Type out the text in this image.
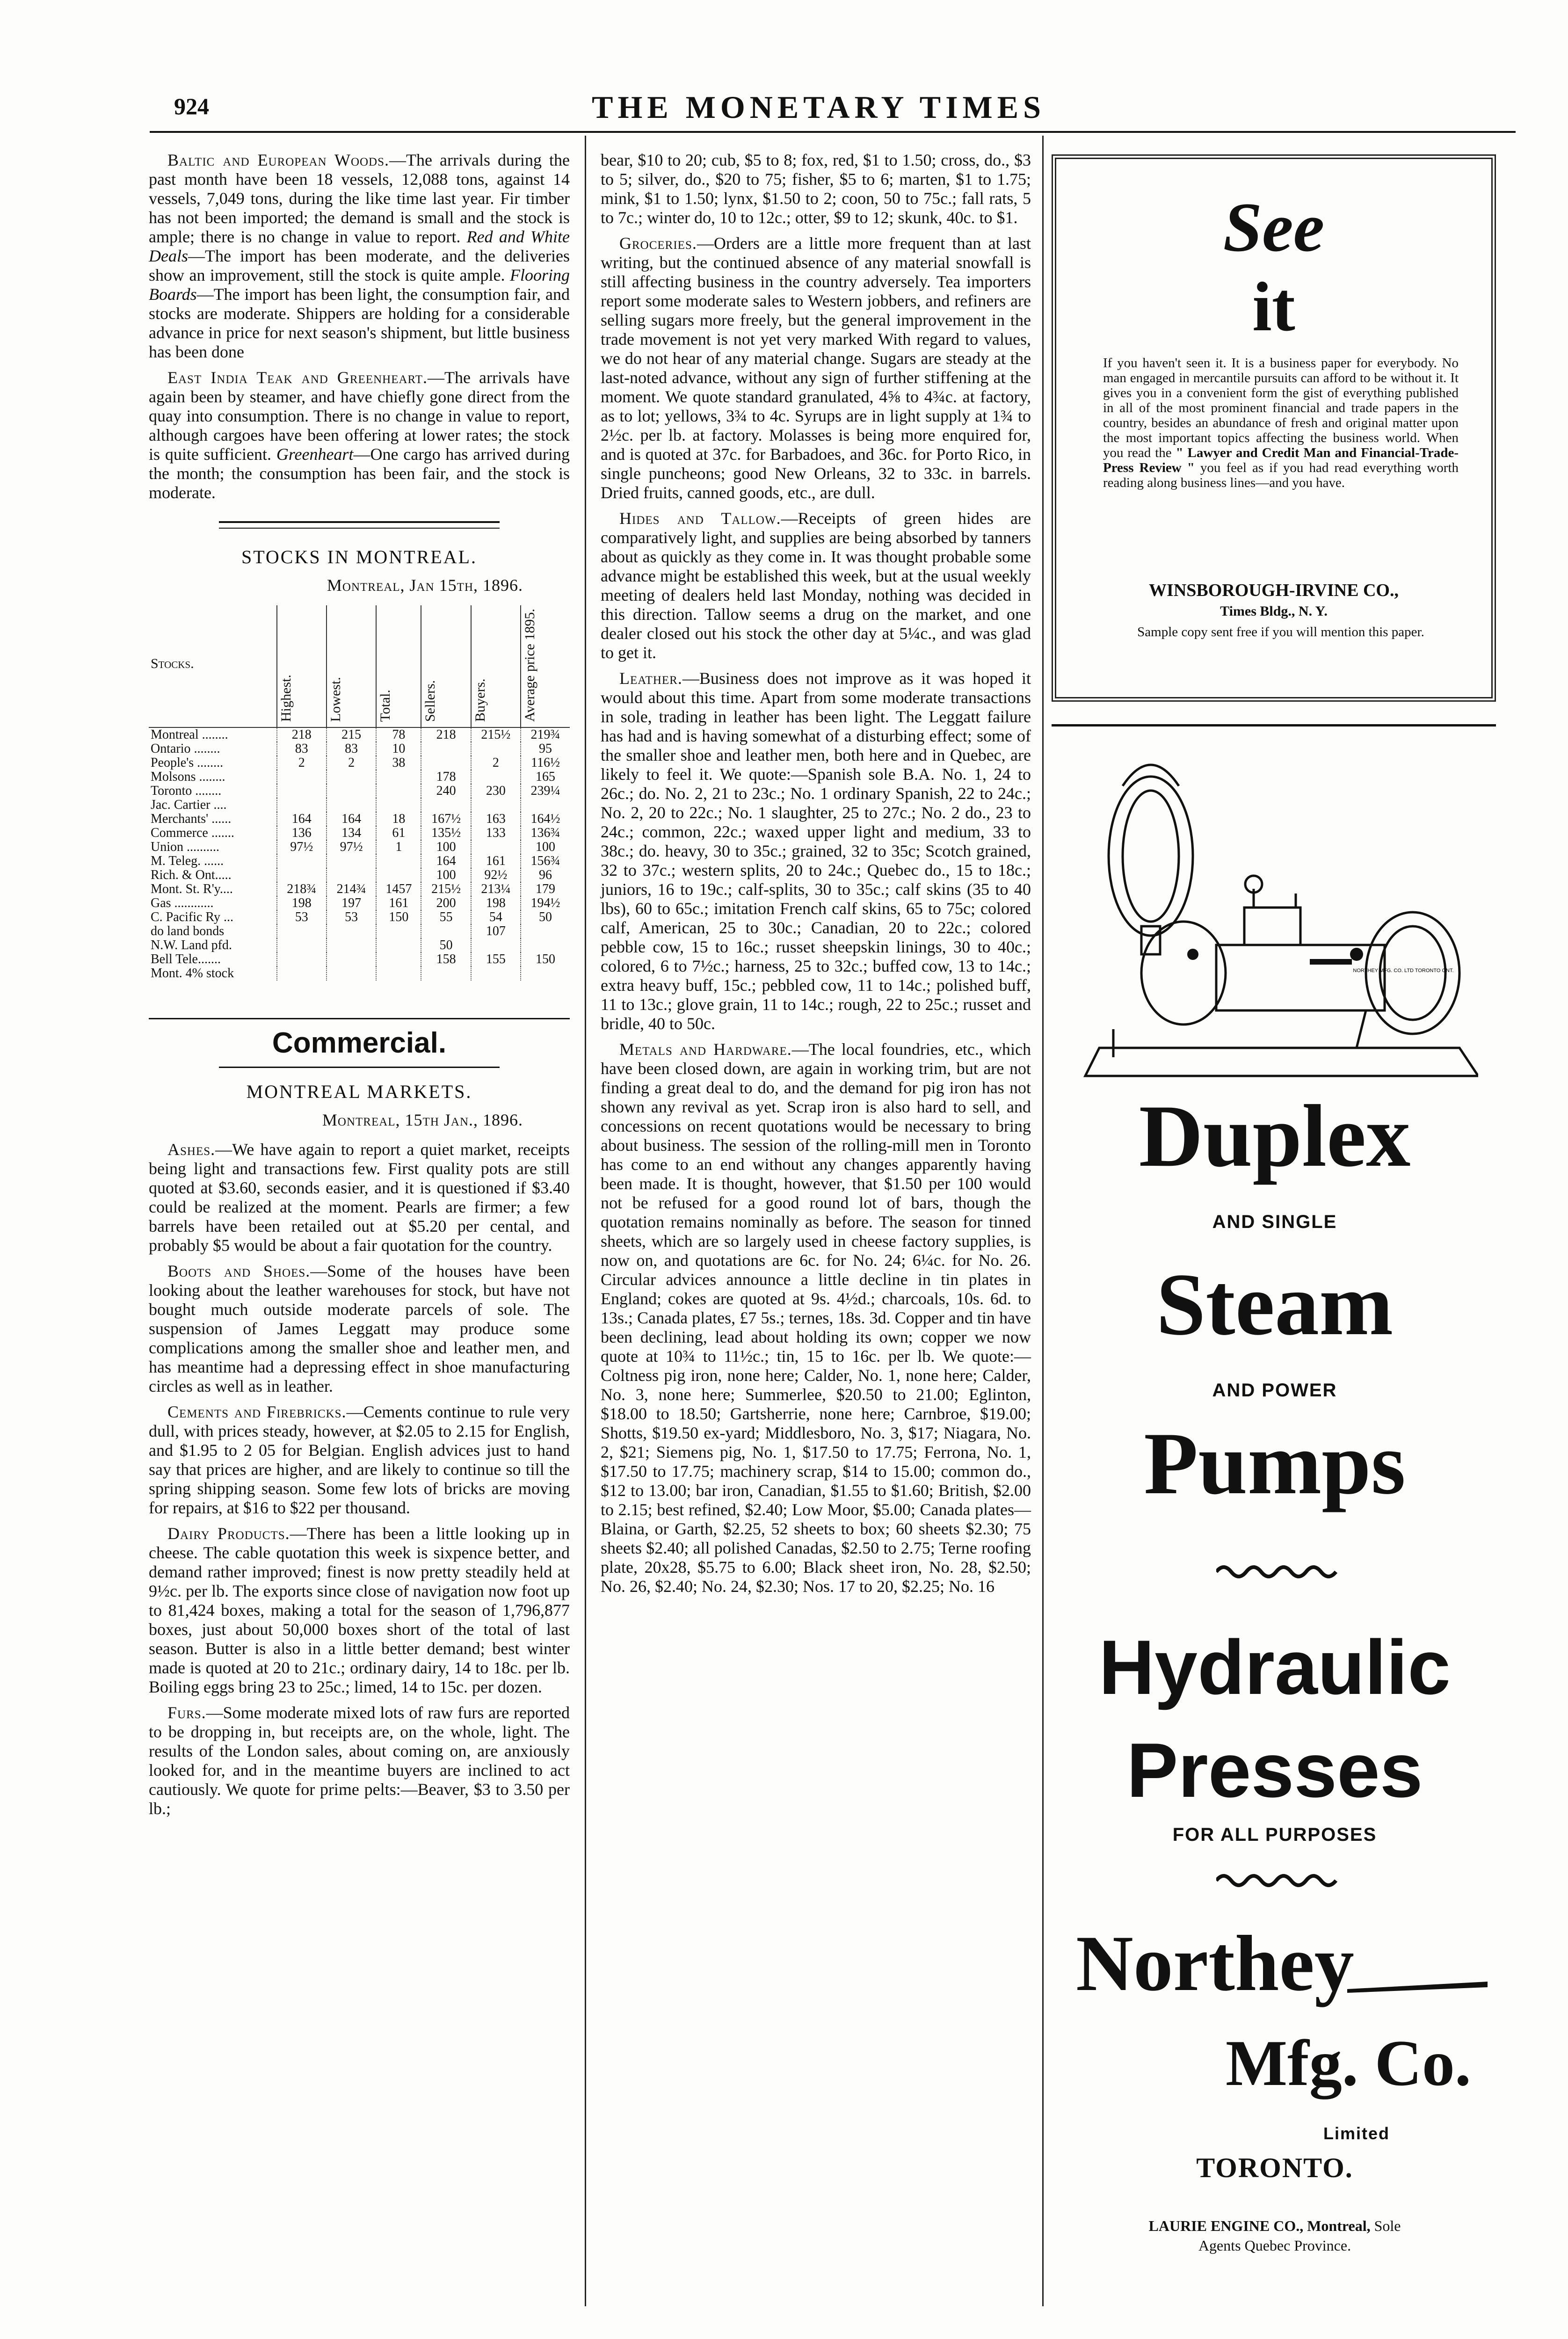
924	THE MONETARY TIMES

Baltic and European Woods.—The arrivals during the past month have been 18 vessels, 12,088 tons, against 14 vessels, 7,049 tons, during the like time last year. Fir timber has not been imported; the demand is small and the stock is ample; there is no change in value to report. Red and White Deals—The import has been moderate, and the deliveries show an improvement, still the stock is quite ample. Flooring Boards—The import has been light, the consumption fair, and stocks are moderate. Shippers are holding for a considerable advance in price for next season's shipment, but little business has been done

East India Teak and Greenheart.—The arrivals have again been by steamer, and have chiefly gone direct from the quay into consumption. There is no change in value to report, although cargoes have been offering at lower rates; the stock is quite sufficient. Greenheart—One cargo has arrived during the month; the consumption has been fair, and the stock is moderate.

STOCKS IN MONTREAL.
Montreal, Jan 15th, 1896.
Stocks.	Highest.	Lowest.	Total.	Sellers.	Buyers.	Average price 1895.
Montreal ........	218	215	78	218	215½	219¾
Ontario ........	83	83	10			95
People's ........	2	2	38		2	116½
Molsons ........				178		165
Toronto ........				240	230	239¼
Jac. Cartier ....						
Merchants' ......	164	164	18	167½	163	164½
Commerce .......	136	134	61	135½	133	136¾
Union ..........	97½	97½	1	100		100
M. Teleg. ......				164	161	156¾
Rich. & Ont.....				100	92½	96
Mont. St. R'y....	218¾	214¾	1457	215½	213¼	179
Gas ............	198	197	161	200	198	194½
C. Pacific Ry ...	53	53	150	55	54	50
do land bonds					107	
N.W. Land pfd.				50		
Bell Tele.......				158	155	150
Mont. 4% stock						
Commercial.
MONTREAL MARKETS.
Montreal, 15th Jan., 1896.

Ashes.—We have again to report a quiet market, receipts being light and transactions few. First quality pots are still quoted at $3.60, seconds easier, and it is questioned if $3.40 could be realized at the moment. Pearls are firmer; a few barrels have been retailed out at $5.20 per cental, and probably $5 would be about a fair quotation for the country.

Boots and Shoes.—Some of the houses have been looking about the leather warehouses for stock, but have not bought much outside moderate parcels of sole. The suspension of James Leggatt may produce some complications among the smaller shoe and leather men, and has meantime had a depressing effect in shoe manufacturing circles as well as in leather.

Cements and Firebricks.—Cements continue to rule very dull, with prices steady, however, at $2.05 to 2.15 for English, and $1.95 to 2 05 for Belgian. English advices just to hand say that prices are higher, and are likely to continue so till the spring shipping season. Some few lots of bricks are moving for repairs, at $16 to $22 per thousand.

Dairy Products.—There has been a little looking up in cheese. The cable quotation this week is sixpence better, and demand rather improved; finest is now pretty steadily held at 9½c. per lb. The exports since close of navigation now foot up to 81,424 boxes, making a total for the season of 1,796,877 boxes, just about 50,000 boxes short of the total of last season. Butter is also in a little better demand; best winter made is quoted at 20 to 21c.; ordinary dairy, 14 to 18c. per lb. Boiling eggs bring 23 to 25c.; limed, 14 to 15c. per dozen.

Furs.—Some moderate mixed lots of raw furs are reported to be dropping in, but receipts are, on the whole, light. The results of the London sales, about coming on, are anxiously looked for, and in the meantime buyers are inclined to act cautiously. We quote for prime pelts:—Beaver, $3 to 3.50 per lb.;

bear, $10 to 20; cub, $5 to 8; fox, red, $1 to 1.50; cross, do., $3 to 5; silver, do., $20 to 75; fisher, $5 to 6; marten, $1 to 1.75; mink, $1 to 1.50; lynx, $1.50 to 2; coon, 50 to 75c.; fall rats, 5 to 7c.; winter do, 10 to 12c.; otter, $9 to 12; skunk, 40c. to $1.

Groceries.—Orders are a little more frequent than at last writing, but the continued absence of any material snowfall is still affecting business in the country adversely. Tea importers report some moderate sales to Western jobbers, and refiners are selling sugars more freely, but the general improvement in the trade movement is not yet very marked With regard to values, we do not hear of any material change. Sugars are steady at the last-noted advance, without any sign of further stiffening at the moment. We quote standard granulated, 4⅝ to 4¾c. at factory, as to lot; yellows, 3¾ to 4c. Syrups are in light supply at 1¾ to 2½c. per lb. at factory. Molasses is being more enquired for, and is quoted at 37c. for Barbadoes, and 36c. for Porto Rico, in single puncheons; good New Orleans, 32 to 33c. in barrels. Dried fruits, canned goods, etc., are dull.

Hides and Tallow.—Receipts of green hides are comparatively light, and supplies are being absorbed by tanners about as quickly as they come in. It was thought probable some advance might be established this week, but at the usual weekly meeting of dealers held last Monday, nothing was decided in this direction. Tallow seems a drug on the market, and one dealer closed out his stock the other day at 5¼c., and was glad to get it.

Leather.—Business does not improve as it was hoped it would about this time. Apart from some moderate transactions in sole, trading in leather has been light. The Leggatt failure has had and is having somewhat of a disturbing effect; some of the smaller shoe and leather men, both here and in Quebec, are likely to feel it. We quote:—Spanish sole B.A. No. 1, 24 to 26c.; do. No. 2, 21 to 23c.; No. 1 ordinary Spanish, 22 to 24c.; No. 2, 20 to 22c.; No. 1 slaughter, 25 to 27c.; No. 2 do., 23 to 24c.; common, 22c.; waxed upper light and medium, 33 to 38c.; do. heavy, 30 to 35c.; grained, 32 to 35c; Scotch grained, 32 to 37c.; western splits, 20 to 24c.; Quebec do., 15 to 18c.; juniors, 16 to 19c.; calf-splits, 30 to 35c.; calf skins (35 to 40 lbs), 60 to 65c.; imitation French calf skins, 65 to 75c; colored calf, American, 25 to 30c.; Canadian, 20 to 22c.; colored pebble cow, 15 to 16c.; russet sheepskin linings, 30 to 40c.; colored, 6 to 7½c.; harness, 25 to 32c.; buffed cow, 13 to 14c.; extra heavy buff, 15c.; pebbled cow, 11 to 14c.; polished buff, 11 to 13c.; glove grain, 11 to 14c.; rough, 22 to 25c.; russet and bridle, 40 to 50c.

Metals and Hardware.—The local foundries, etc., which have been closed down, are again in working trim, but are not finding a great deal to do, and the demand for pig iron has not shown any revival as yet. Scrap iron is also hard to sell, and concessions on recent quotations would be necessary to bring about business. The session of the rolling-mill men in Toronto has come to an end without any changes apparently having been made. It is thought, however, that $1.50 per 100 would not be refused for a good round lot of bars, though the quotation remains nominally as before. The season for tinned sheets, which are so largely used in cheese factory supplies, is now on, and quotations are 6c. for No. 24; 6¼c. for No. 26. Circular advices announce a little decline in tin plates in England; cokes are quoted at 9s. 4½d.; charcoals, 10s. 6d. to 13s.; Canada plates, £7 5s.; ternes, 18s. 3d. Copper and tin have been declining, lead about holding its own; copper we now quote at 10¾ to 11½c.; tin, 15 to 16c. per lb. We quote:—Coltness pig iron, none here; Calder, No. 1, none here; Calder, No. 3, none here; Summerlee, $20.50 to 21.00; Eglinton, $18.00 to 18.50; Gartsherrie, none here; Carnbroe, $19.00; Shotts, $19.50 ex-yard; Middlesboro, No. 3, $17; Niagara, No. 2, $21; Siemens pig, No. 1, $17.50 to 17.75; Ferrona, No. 1, $17.50 to 17.75; machinery scrap, $14 to 15.00; common do., $12 to 13.00; bar iron, Canadian, $1.55 to $1.60; British, $2.00 to 2.15; best refined, $2.40; Low Moor, $5.00; Canada plates—Blaina, or Garth, $2.25, 52 sheets to box; 60 sheets $2.30; 75 sheets $2.40; all polished Canadas, $2.50 to 2.75; Terne roofing plate, 20x28, $5.75 to 6.00; Black sheet iron, No. 28, $2.50; No. 26, $2.40; No. 24, $2.30; Nos. 17 to 20, $2.25; No. 16

See
it
If you haven't seen it. It is a business paper for everybody. No man engaged in mercantile pursuits can afford to be without it. It gives you in a convenient form the gist of everything published in all of the most prominent financial and trade papers in the country, besides an abundance of fresh and original matter upon the most important topics affecting the business world. When you read the " Lawyer and Credit Man and Financial-Trade-Press Review " you feel as if you had read everything worth reading along business lines—and you have.
WINSBOROUGH-IRVINE CO.,
Times Bldg., N. Y.
Sample copy sent free if you will mention this paper.
NORTHEY MFG. CO. LTD TORONTO ONT.
Duplex
AND SINGLE
Steam
AND POWER
Pumps
Hydraulic
Presses
FOR ALL PURPOSES
Northey
Mfg. Co.
Limited
TORONTO.
LAURIE ENGINE CO., Montreal, Sole
Agents Quebec Province.
